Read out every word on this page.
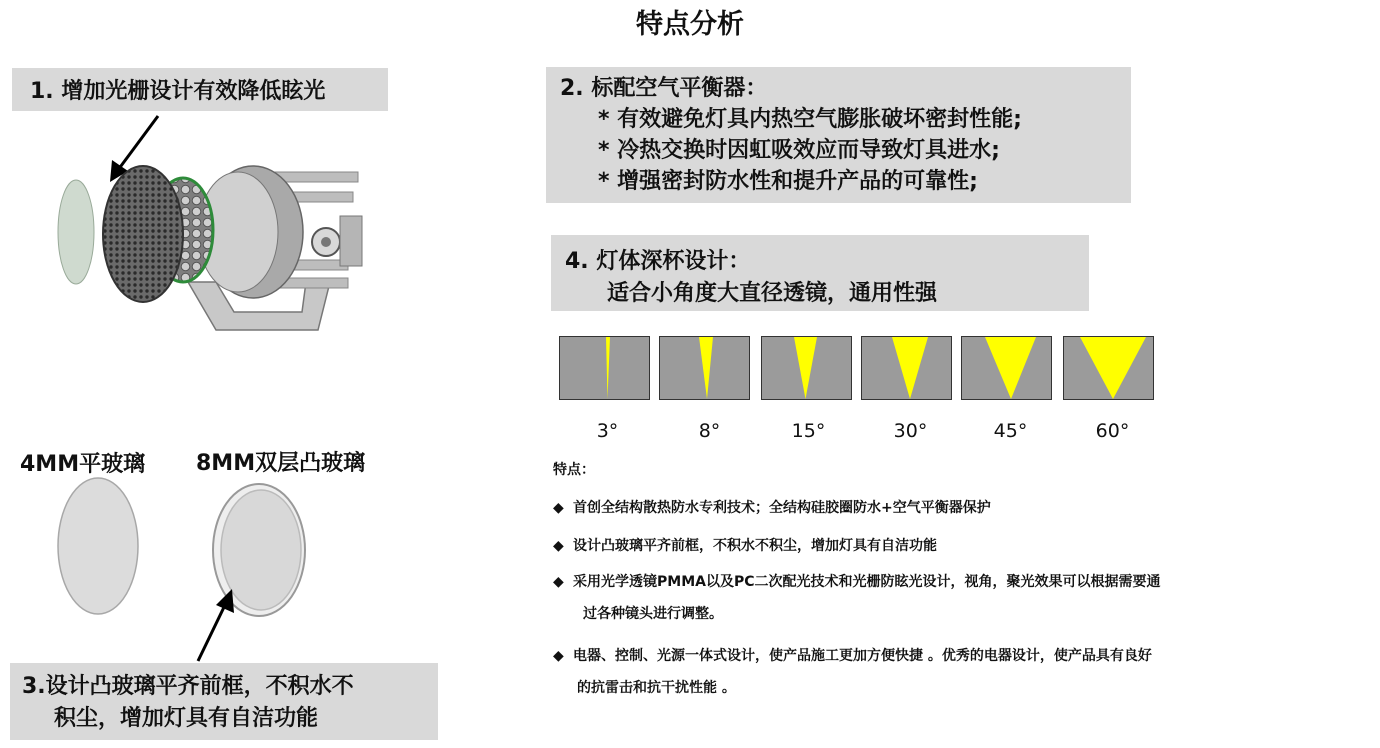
特点分析
1. 增加光栅设计有效降低眩光	2. 标配空气平衡器：
* 有效避免灯具内热空气膨胀破坏密封性能;
* 冷热交换时因虹吸效应而导致灯具进水;
* 增强密封防水性和提升产品的可靠性;
4. 灯体深杯设计：
适合小角度大直径透镜，通用性强
3°	8°	15°	30°	45°	60°
4MM平玻璃 8MM双层凸玻璃
3.设计凸玻璃平齐前框，不积水不
积尘，增加灯具有自洁功能
特点：
◆ 首创全结构散热防水专利技术；全结构硅胶圈防水+空气平衡器保护
◆ 设计凸玻璃平齐前框，不积水不积尘，增加灯具有自洁功能
◆ 采用光学透镜PMMA以及PC二次配光技术和光栅防眩光设计，视角，聚光效果可以根据需要通
过各种镜头进行调整。
◆ 电器、控制、光源一体式设计，使产品施工更加方便快捷 。优秀的电器设计，使产品具有良好
的抗雷击和抗干扰性能 。
